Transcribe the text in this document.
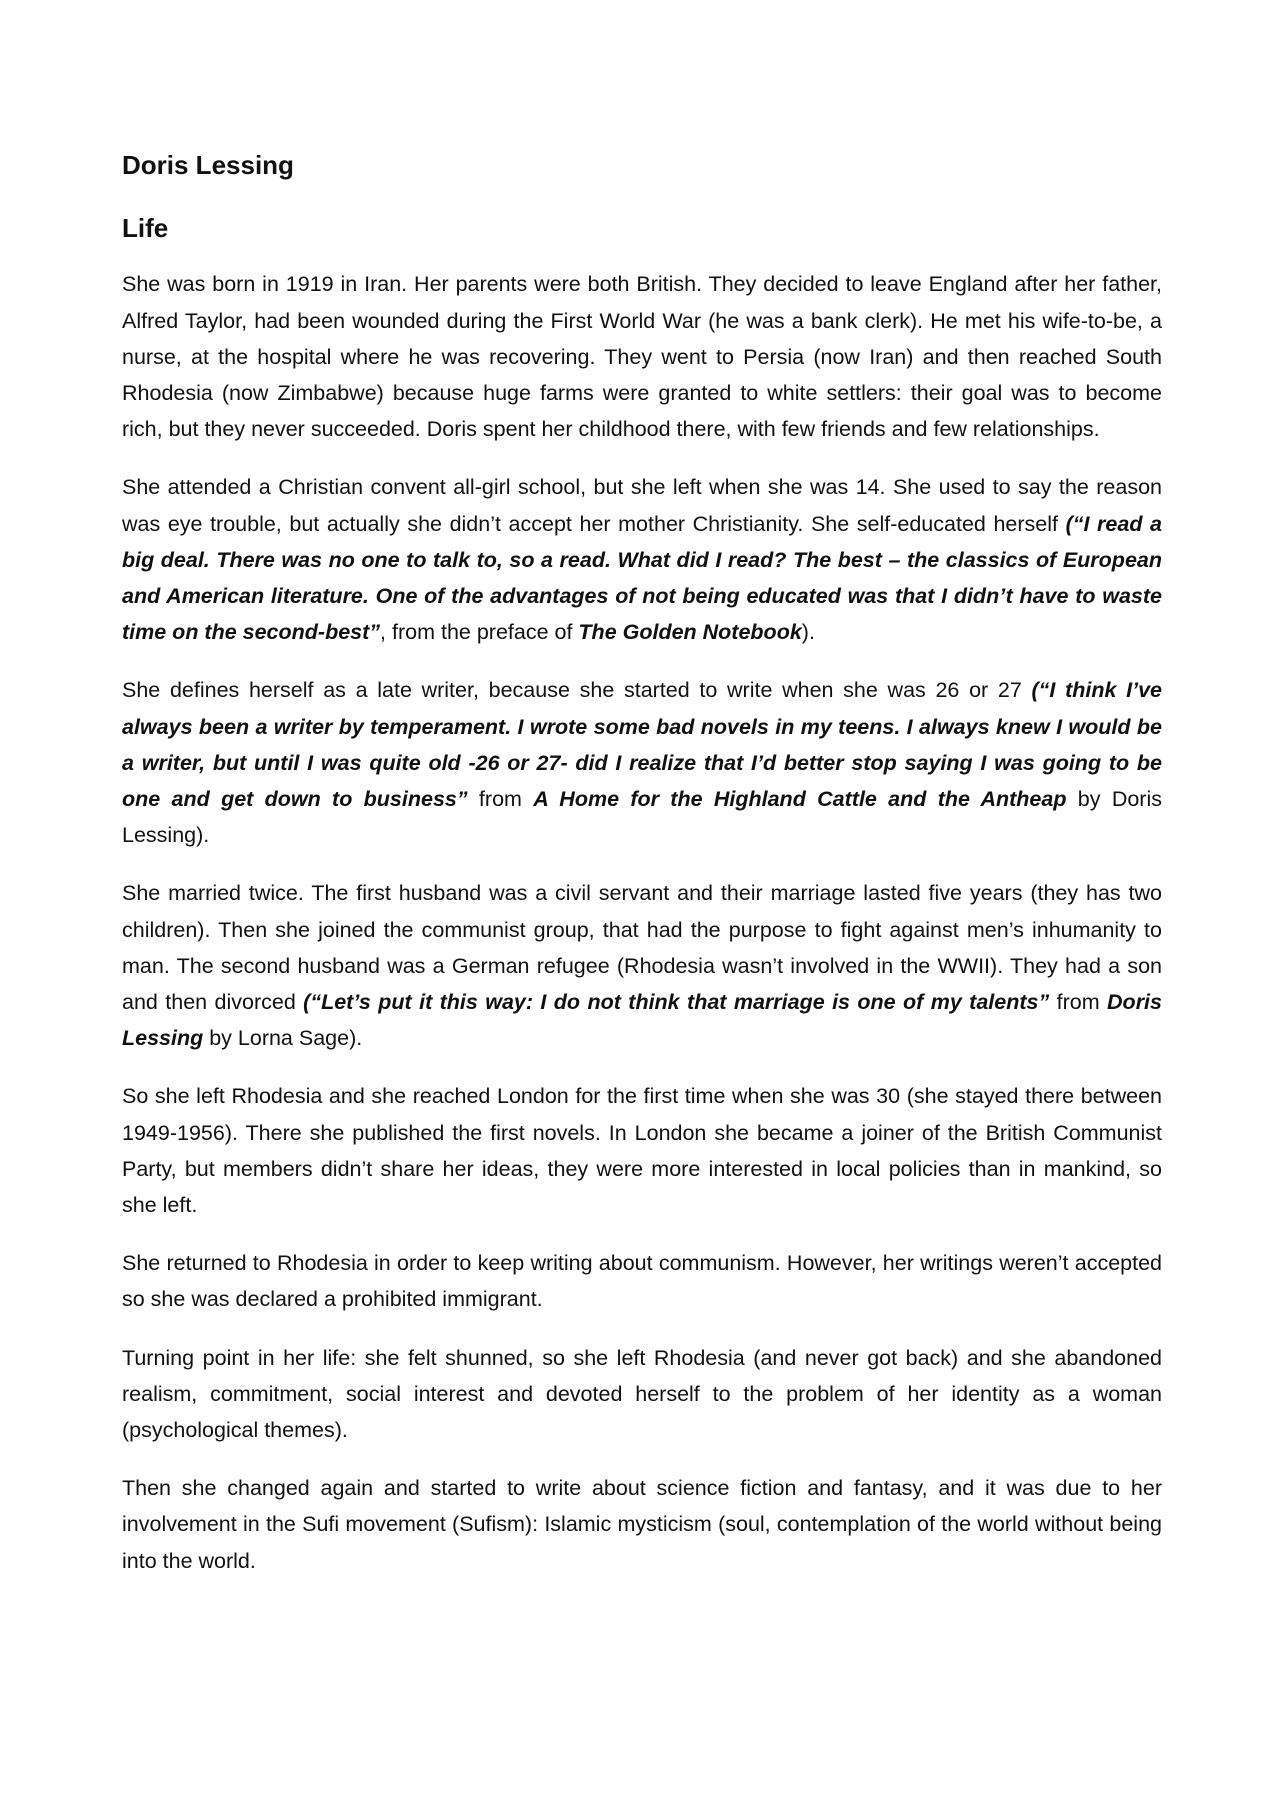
Doris Lessing
Life

She was born in 1919 in Iran. Her parents were both British. They decided to leave England after her father, Alfred Taylor, had been wounded during the First World War (he was a bank clerk). He met his wife-to-be, a nurse, at the hospital where he was recovering. They went to Persia (now Iran) and then reached South Rhodesia (now Zimbabwe) because huge farms were granted to white settlers: their goal was to become rich, but they never succeeded. Doris spent her childhood there, with few friends and few relationships.

She attended a Christian convent all-girl school, but she left when she was 14. She used to say the reason was eye trouble, but actually she didn’t accept her mother Christianity. She self-educated herself (“I read a big deal. There was no one to talk to, so a read. What did I read? The best – the classics of European and American literature. One of the advantages of not being educated was that I didn’t have to waste time on the second-best”, from the preface of The Golden Notebook).

She defines herself as a late writer, because she started to write when she was 26 or 27 (“I think I’ve always been a writer by temperament. I wrote some bad novels in my teens. I always knew I would be a writer, but until I was quite old -26 or 27- did I realize that I’d better stop saying I was going to be one and get down to business” from A Home for the Highland Cattle and the Antheap by Doris Lessing).

She married twice. The first husband was a civil servant and their marriage lasted five years (they has two children). Then she joined the communist group, that had the purpose to fight against men’s inhumanity to man. The second husband was a German refugee (Rhodesia wasn’t involved in the WWII). They had a son and then divorced (“Let’s put it this way: I do not think that marriage is one of my talents” from Doris Lessing by Lorna Sage).

So she left Rhodesia and she reached London for the first time when she was 30 (she stayed there between 1949-1956). There she published the first novels. In London she became a joiner of the British Communist Party, but members didn’t share her ideas, they were more interested in local policies than in mankind, so she left.

She returned to Rhodesia in order to keep writing about communism. However, her writings weren’t accepted so she was declared a prohibited immigrant.

Turning point in her life: she felt shunned, so she left Rhodesia (and never got back) and she abandoned realism, commitment, social interest and devoted herself to the problem of her identity as a woman (psychological themes).

Then she changed again and started to write about science fiction and fantasy, and it was due to her involvement in the Sufi movement (Sufism): Islamic mysticism (soul, contemplation of the world without being into the world.
